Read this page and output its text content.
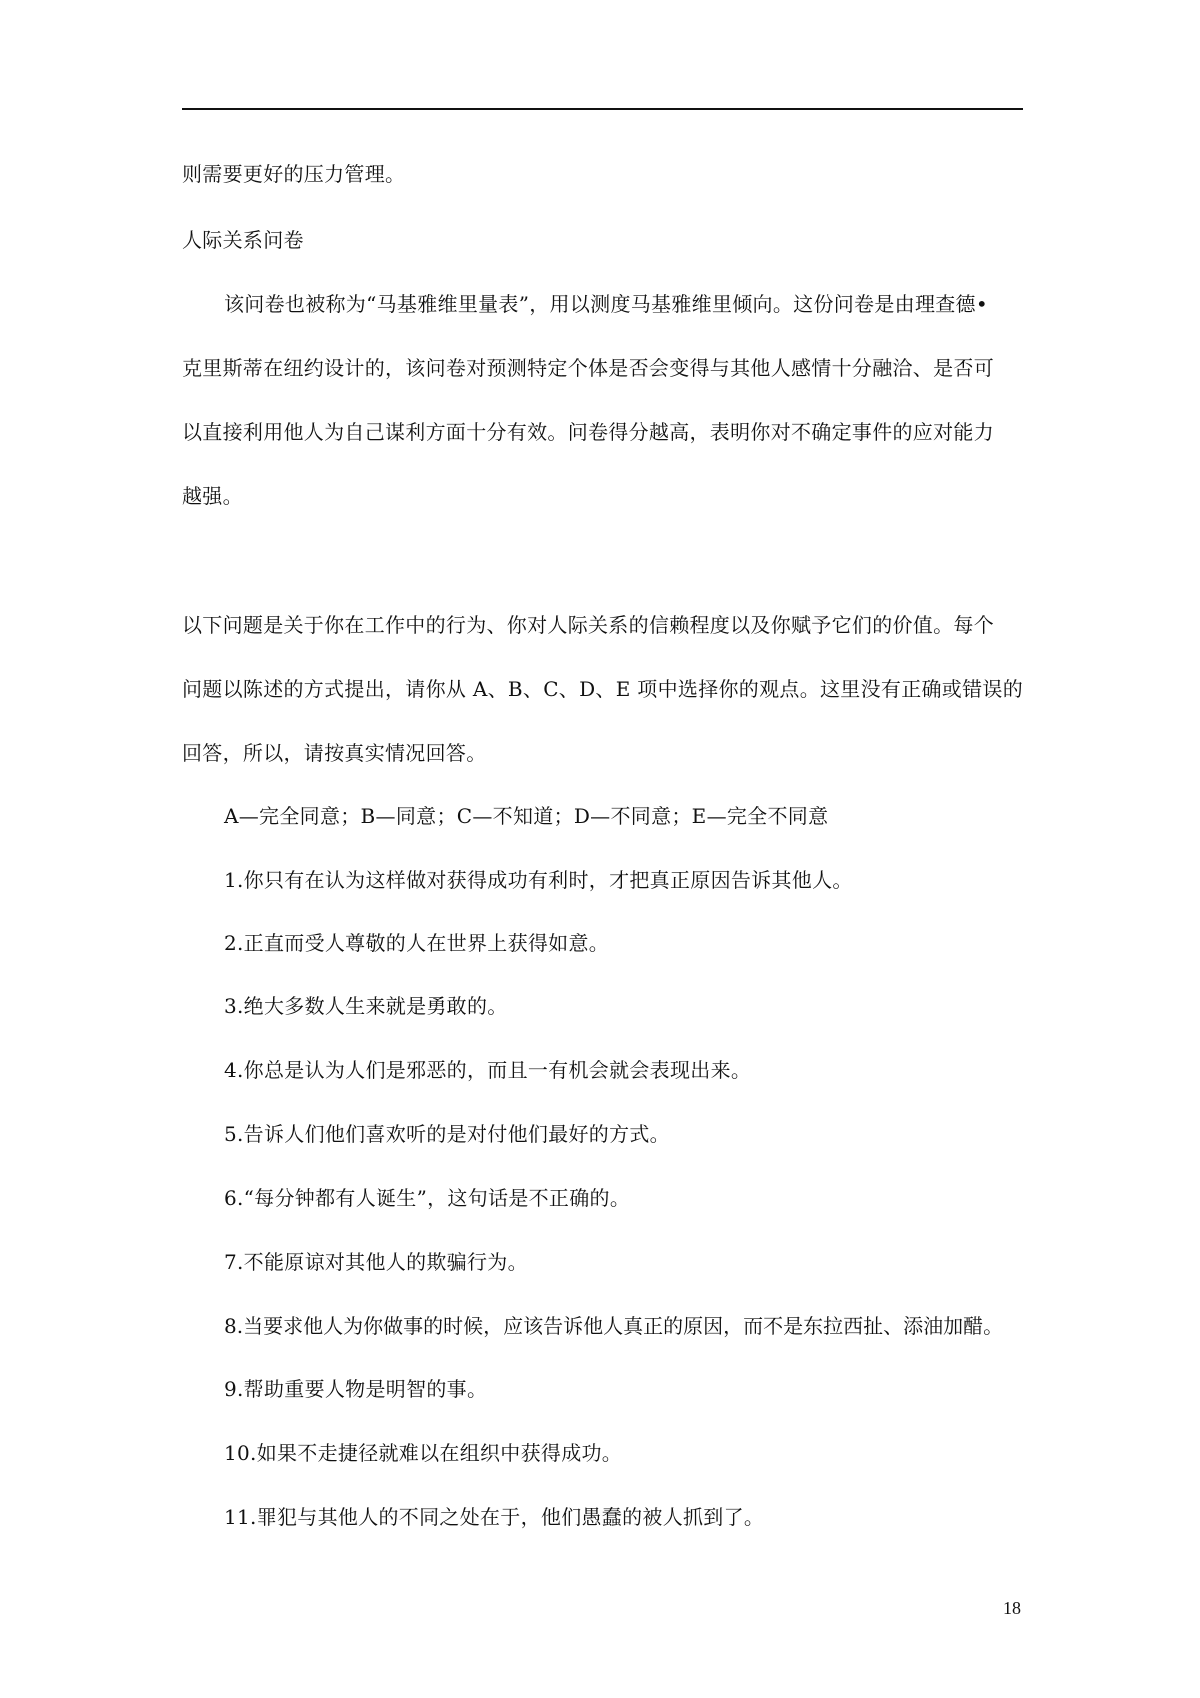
则需要更好的压力管理。
人际关系问卷
该问卷也被称为“马基雅维里量表”，用以测度马基雅维里倾向。这份问卷是由理查德•
克里斯蒂在纽约设计的，该问卷对预测特定个体是否会变得与其他人感情十分融洽、是否可
以直接利用他人为自己谋利方面十分有效。问卷得分越高，表明你对不确定事件的应对能力
越强。
以下问题是关于你在工作中的行为、你对人际关系的信赖程度以及你赋予它们的价值。每个
问题以陈述的方式提出，请你从 A、B、C、D、E 项中选择你的观点。这里没有正确或错误的
回答，所以，请按真实情况回答。
A—完全同意；B—同意；C—不知道；D—不同意；E—完全不同意
1.你只有在认为这样做对获得成功有利时，才把真正原因告诉其他人。
2.正直而受人尊敬的人在世界上获得如意。
3.绝大多数人生来就是勇敢的。
4.你总是认为人们是邪恶的，而且一有机会就会表现出来。
5.告诉人们他们喜欢听的是对付他们最好的方式。
6.“每分钟都有人诞生”，这句话是不正确的。
7.不能原谅对其他人的欺骗行为。
8.当要求他人为你做事的时候，应该告诉他人真正的原因，而不是东拉西扯、添油加醋。
9.帮助重要人物是明智的事。
10.如果不走捷径就难以在组织中获得成功。
11.罪犯与其他人的不同之处在于，他们愚蠢的被人抓到了。
18
